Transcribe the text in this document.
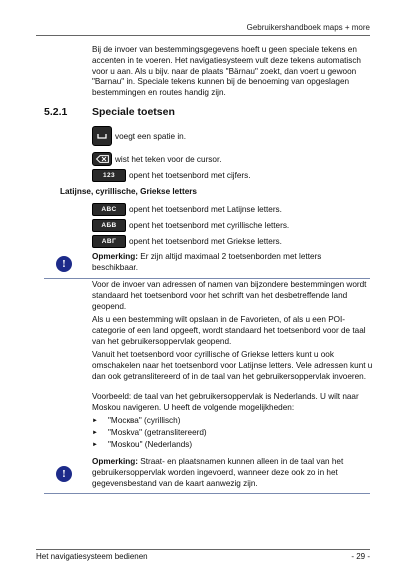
Gebruikershandboek maps + more
Bij de invoer van bestemmingsgegevens hoeft u geen speciale tekens en accenten in te voeren. Het navigatiesysteem vult deze tekens automatisch voor u aan. Als u bijv. naar de plaats "Bärnau" zoekt, dan voert u gewoon "Barnau" in. Speciale tekens kunnen bij de benoeming van opgeslagen bestemmingen en routes handig zijn.
5.2.1 Speciale toetsen
voegt een spatie in.
wist het teken voor de cursor.
123	opent het toetsenbord met cijfers.
Latijnse, cyrillische, Griekse letters
ABC	opent het toetsenbord met Latijnse letters.
АБВ	opent het toetsenbord met cyrillische letters.
ΑΒΓ	opent het toetsenbord met Griekse letters.
!
Opmerking: Er zijn altijd maximaal 2 toetsenborden met letters beschikbaar.
Voor de invoer van adressen of namen van bijzondere bestemmingen wordt standaard het toetsenbord voor het schrift van het desbetreffende land geopend.
Als u een bestemming wilt opslaan in de Favorieten, of als u een POI-categorie of een land opgeeft, wordt standaard het toetsenbord voor de taal van het gebruikersoppervlak geopend.
Vanuit het toetsenbord voor cyrillische of Griekse letters kunt u ook omschakelen naar het toetsenbord voor Latijnse letters. Vele adressen kunt u dan ook getranslitereerd of in de taal van het gebruikersoppervlak invoeren.
Voorbeeld: de taal van het gebruikersoppervlak is Nederlands. U wilt naar Moskou navigeren. U heeft de volgende mogelijkheden:
►	"Москва" (cyrillisch)
►	"Moskva" (getranslitereerd)
►	"Moskou" (Nederlands)
!
Opmerking: Straat- en plaatsnamen kunnen alleen in de taal van het gebruikersoppervlak worden ingevoerd, wanneer deze ook zo in het gegevensbestand van de kaart aanwezig zijn.
Het navigatiesysteem bedienen	- 29 -
